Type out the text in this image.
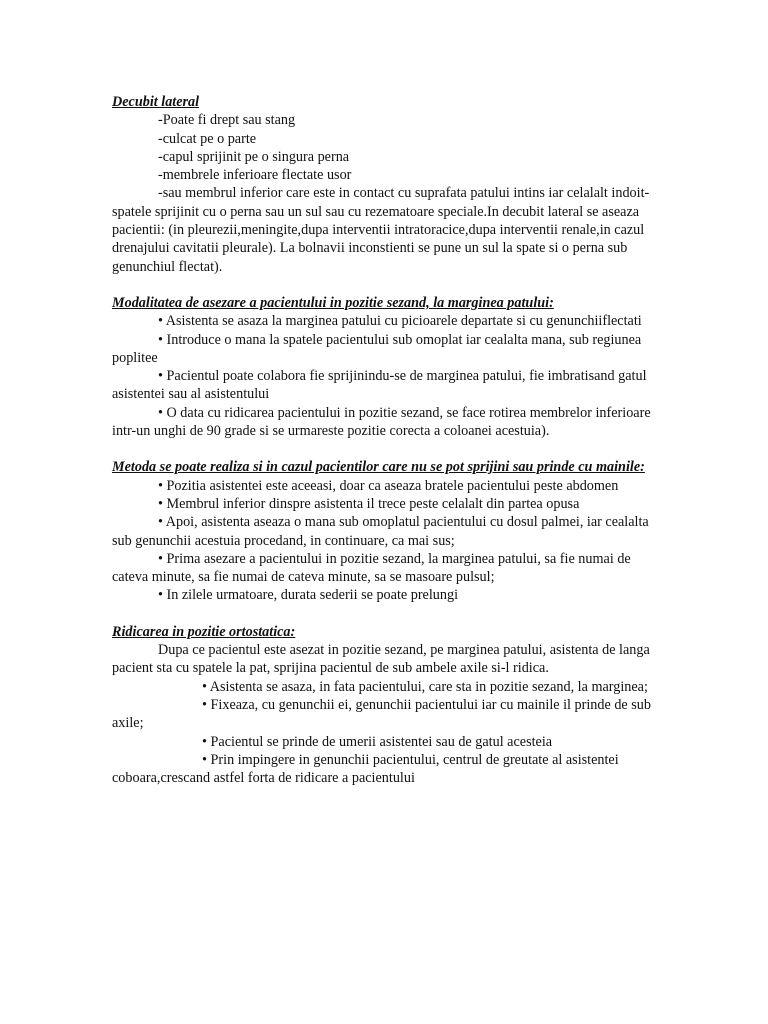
Decubit lateral

-Poate fi drept sau stang

-culcat pe o parte

-capul sprijinit pe o singura perna

-membrele inferioare flectate usor

-sau membrul inferior care este in contact cu suprafata patului intins iar celalalt indoit-spatele sprijinit cu o perna sau un sul sau cu rezematoare speciale.In decubit lateral se aseaza pacientii: (in pleurezii,meningite,dupa interventii intratoracice,dupa interventii renale,in cazul drenajului cavitatii pleurale). La bolnavii inconstienti se pune un sul la spate si o perna sub genunchiul flectat).

Modalitatea de asezare a pacientului in pozitie sezand, la marginea patului:

• Asistenta se asaza la marginea patului cu picioarele departate si cu genunchiiflectati

• Introduce o mana la spatele pacientului sub omoplat iar cealalta mana, sub regiunea poplitee

• Pacientul poate colabora fie sprijinindu-se de marginea patului, fie imbratisand gatul asistentei sau al asistentului

• O data cu ridicarea pacientului in pozitie sezand, se face rotirea membrelor inferioare intr-un unghi de 90 grade si se urmareste pozitie corecta a coloanei acestuia).

Metoda se poate realiza si in cazul pacientilor care nu se pot sprijini sau prinde cu mainile:

• Pozitia asistentei este aceeasi, doar ca aseaza bratele pacientului peste abdomen

• Membrul inferior dinspre asistenta il trece peste celalalt din partea opusa

• Apoi, asistenta aseaza o mana sub omoplatul pacientului cu dosul palmei, iar cealalta sub genunchii acestuia procedand, in continuare, ca mai sus;

• Prima asezare a pacientului in pozitie sezand, la marginea patului, sa fie numai de cateva minute, sa fie numai de cateva minute, sa se masoare pulsul;

• In zilele urmatoare, durata sederii se poate prelungi

Ridicarea in pozitie ortostatica:

Dupa ce pacientul este asezat in pozitie sezand, pe marginea patului, asistenta de langa pacient sta cu spatele la pat, sprijina pacientul de sub ambele axile si-l ridica.

• Asistenta se asaza, in fata pacientului, care sta in pozitie sezand, la marginea;

• Fixeaza, cu genunchii ei, genunchii pacientului iar cu mainile il prinde de sub axile;

• Pacientul se prinde de umerii asistentei sau de gatul acesteia

• Prin impingere in genunchii pacientului, centrul de greutate al asistentei coboara,crescand astfel forta de ridicare a pacientului
